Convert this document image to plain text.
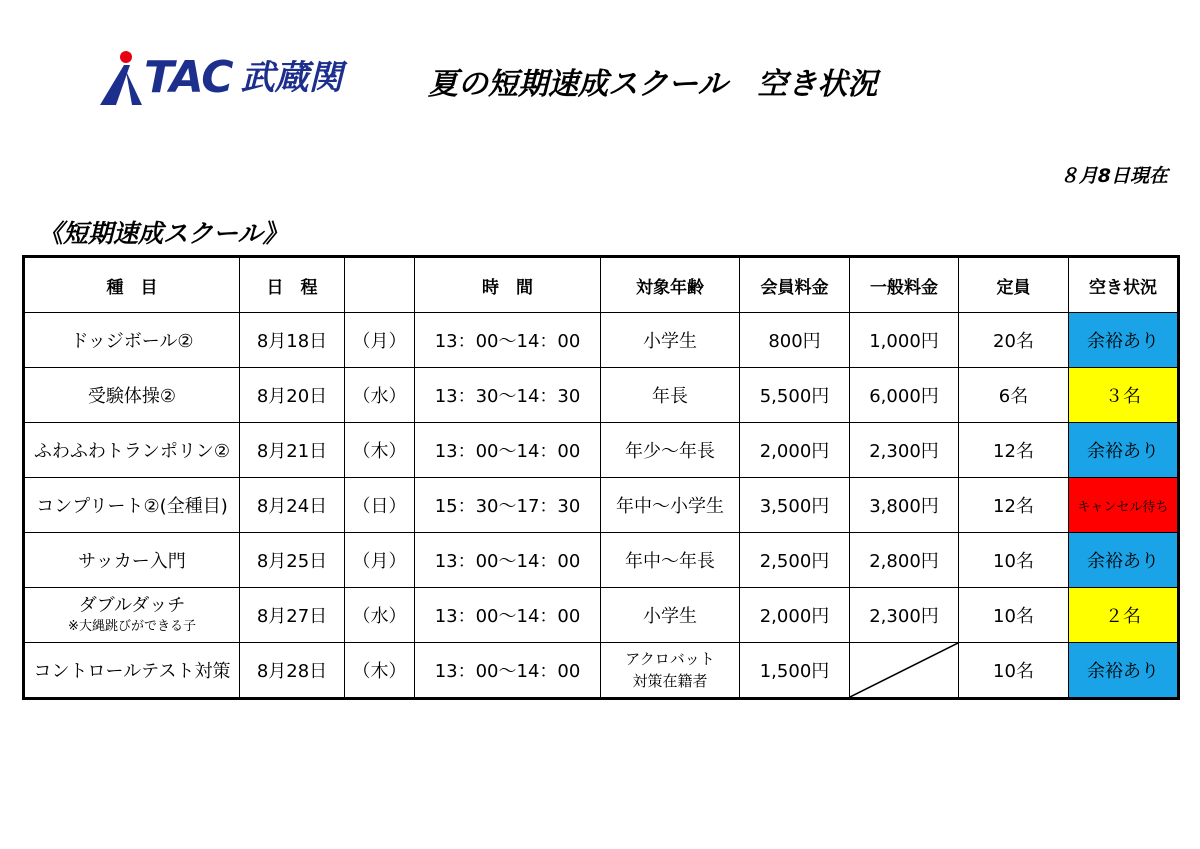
TAC 武蔵関	夏の短期速成スクール　空き状況
８月8日現在
《短期速成スクール》
種　目	日　程		時　間	対象年齢	会員料金	一般料金	定員	空き状況
ドッジボール②	8月18日	（月）	13：00～14：00	小学生	800円	1,000円	20名	余裕あり
受験体操②	8月20日	（水）	13：30～14：30	年長	5,500円	6,000円	6名	３名
ふわふわトランポリン②	8月21日	（木）	13：00～14：00	年少～年長	2,000円	2,300円	12名	余裕あり
コンプリート②(全種目)	8月24日	（日）	15：30～17：30	年中～小学生	3,500円	3,800円	12名	キャンセル待ち
サッカー入門	8月25日	（月）	13：00～14：00	年中～年長	2,500円	2,800円	10名	余裕あり

ダブルダッチ
※大縄跳びができる子	8月27日	（水）	13：00～14：00	小学生	2,000円	2,300円	10名	２名
コントロールテスト対策	8月28日	（木）	13：00～14：00	アクロバット
対策在籍者	1,500円		10名	余裕あり
